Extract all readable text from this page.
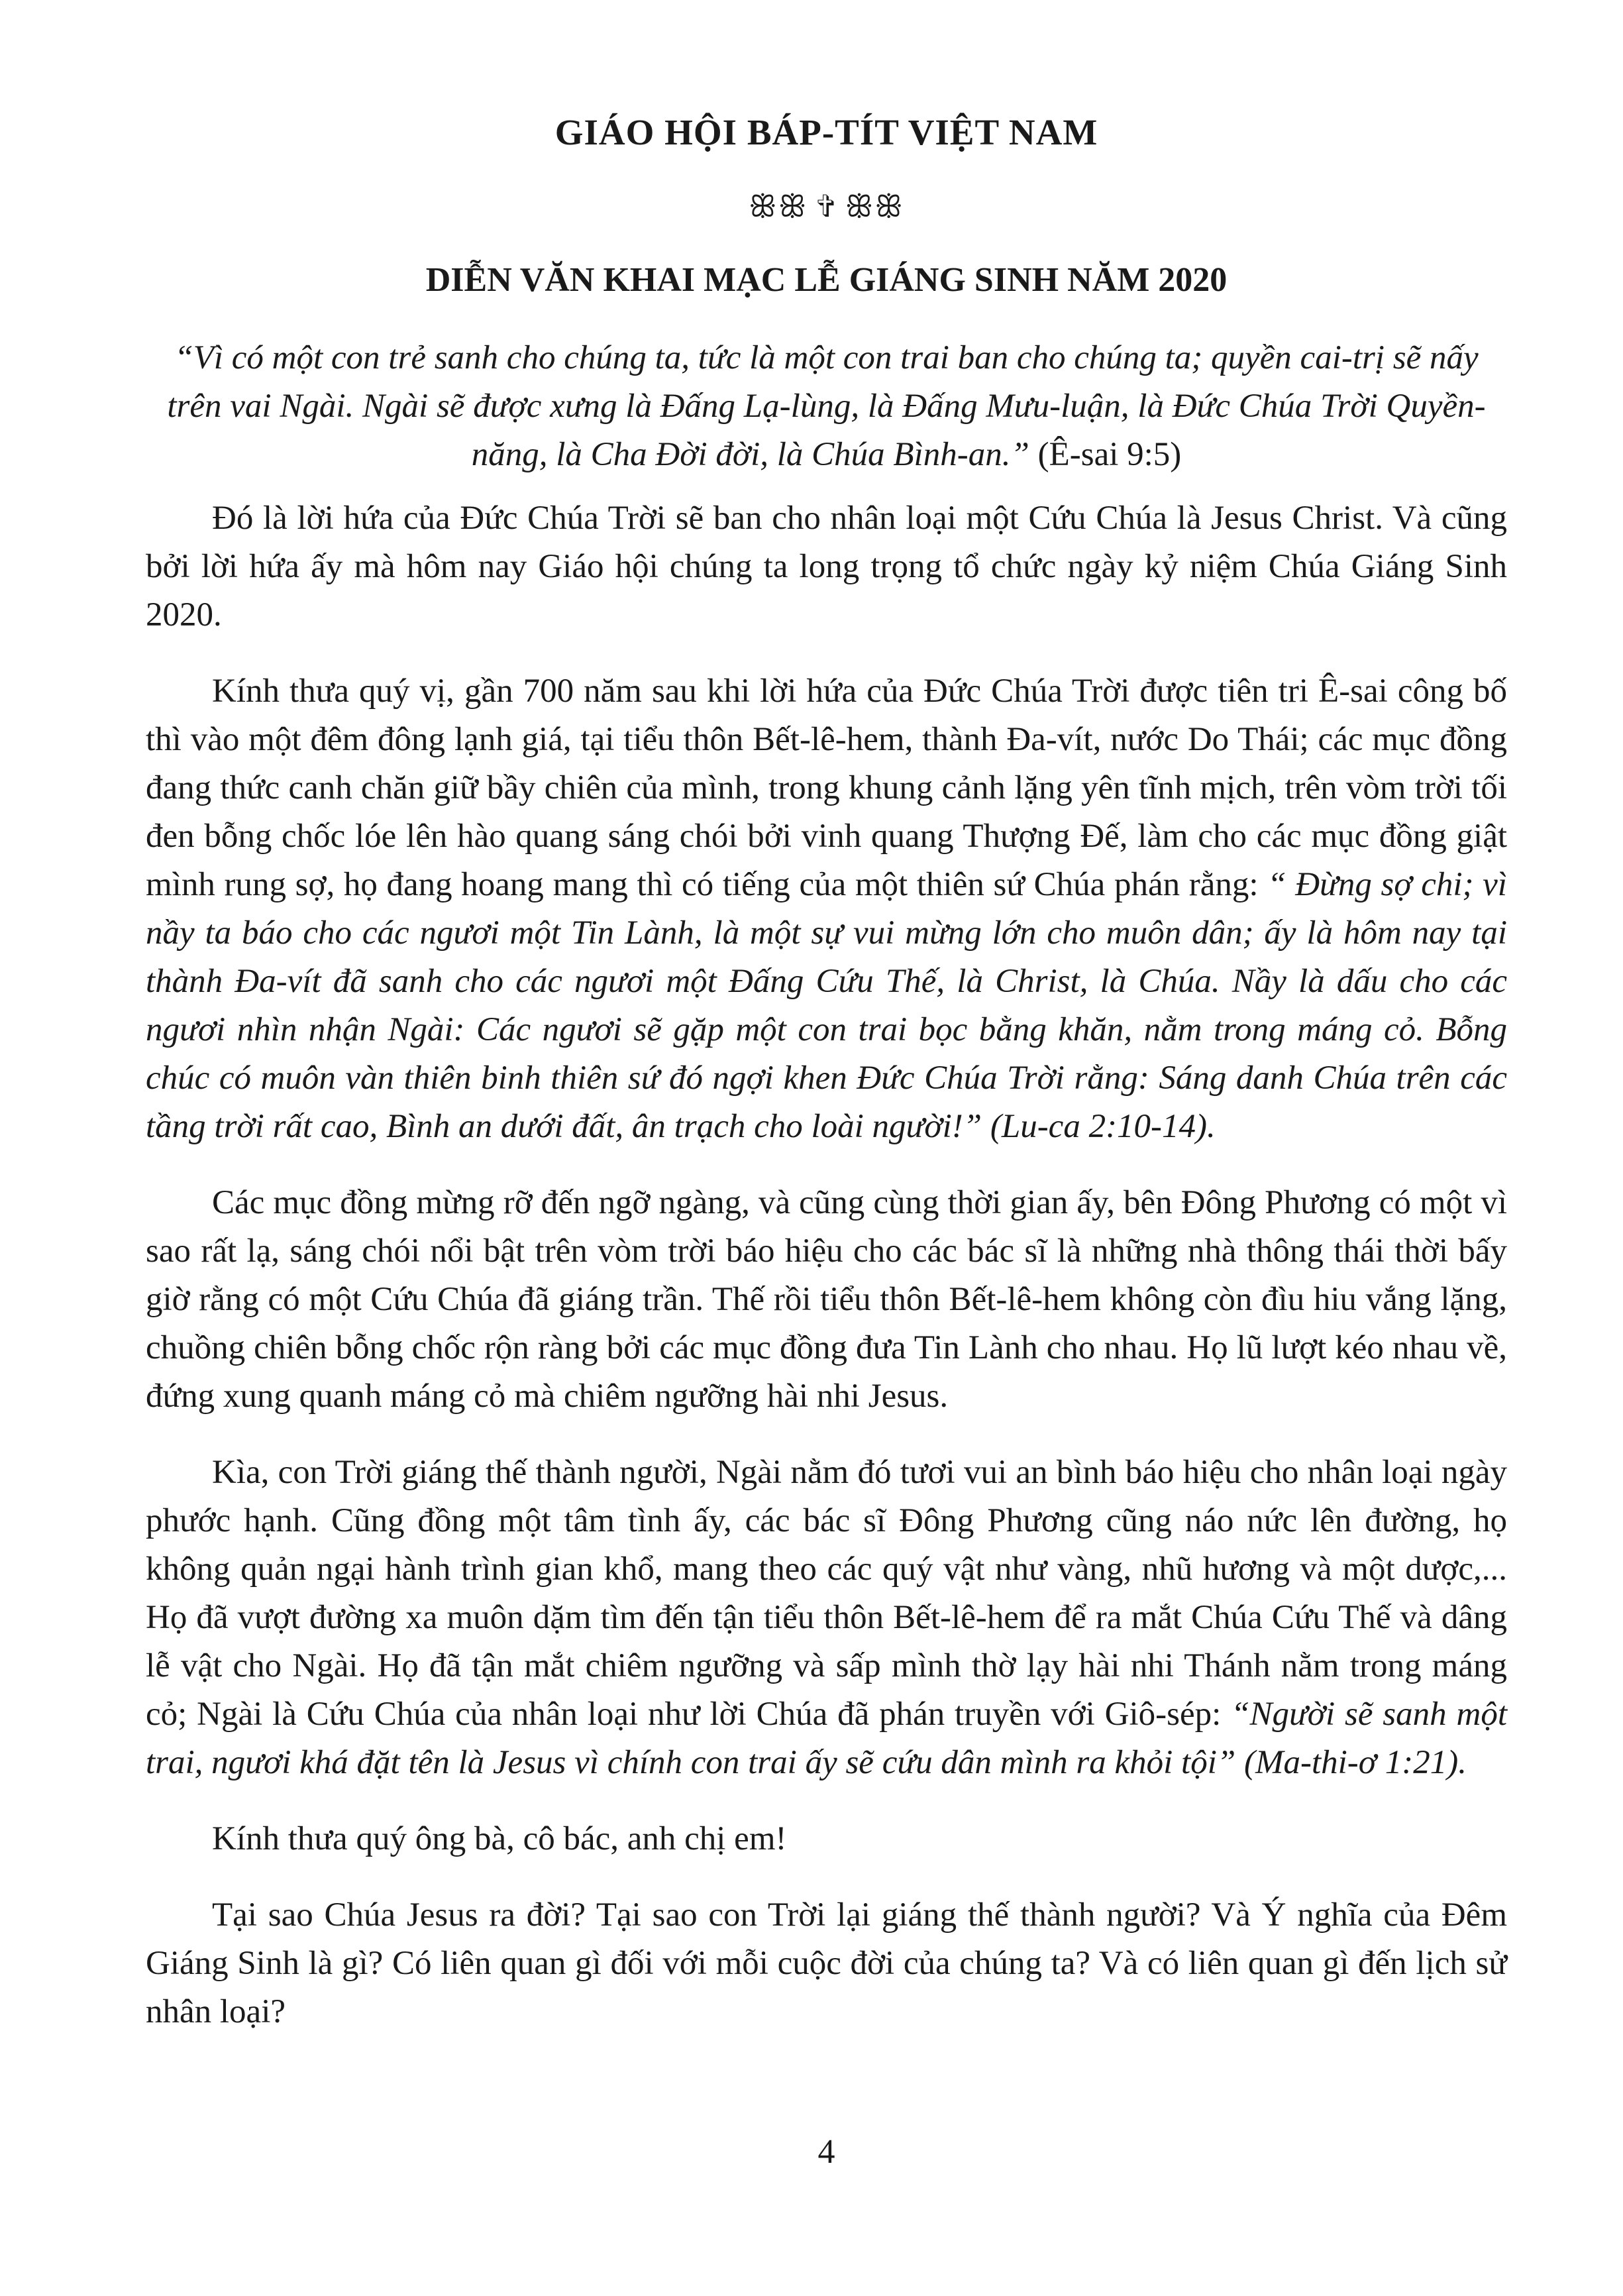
GIÁO HỘI BÁP-TÍT VIỆT NAM
ꕥꕥ ✞ ꕥꕥ
DIỄN VĂN KHAI MẠC LỄ GIÁNG SINH NĂM 2020
“Vì có một con trẻ sanh cho chúng ta, tức là một con trai ban cho chúng ta; quyền cai-trị sẽ nấy trên vai Ngài. Ngài sẽ được xưng là Đấng Lạ-lùng, là Đấng Mưu-luận, là Đức Chúa Trời Quyền-năng, là Cha Đời đời, là Chúa Bình-an.” (Ê-sai 9:5)

Đó là lời hứa của Đức Chúa Trời sẽ ban cho nhân loại một Cứu Chúa là Jesus Christ. Và cũng bởi lời hứa ấy mà hôm nay Giáo hội chúng ta long trọng tổ chức ngày kỷ niệm Chúa Giáng Sinh 2020.

Kính thưa quý vị, gần 700 năm sau khi lời hứa của Đức Chúa Trời được tiên tri Ê-sai công bố thì vào một đêm đông lạnh giá, tại tiểu thôn Bết-lê-hem, thành Đa-vít, nước Do Thái; các mục đồng đang thức canh chăn giữ bầy chiên của mình, trong khung cảnh lặng yên tĩnh mịch, trên vòm trời tối đen bỗng chốc lóe lên hào quang sáng chói bởi vinh quang Thượng Đế, làm cho các mục đồng giật mình rung sợ, họ đang hoang mang thì có tiếng của một thiên sứ Chúa phán rằng: “ Đừng sợ chi; vì nầy ta báo cho các ngươi một Tin Lành, là một sự vui mừng lớn cho muôn dân; ấy là hôm nay tại thành Đa-vít đã sanh cho các ngươi một Đấng Cứu Thế, là Christ, là Chúa. Nầy là dấu cho các ngươi nhìn nhận Ngài: Các ngươi sẽ gặp một con trai bọc bằng khăn, nằm trong máng cỏ. Bỗng chúc có muôn vàn thiên binh thiên sứ đó ngợi khen Đức Chúa Trời rằng: Sáng danh Chúa trên các tầng trời rất cao, Bình an dưới đất, ân trạch cho loài người!” (Lu-ca 2:10-14).

Các mục đồng mừng rỡ đến ngỡ ngàng, và cũng cùng thời gian ấy, bên Đông Phương có một vì sao rất lạ, sáng chói nổi bật trên vòm trời báo hiệu cho các bác sĩ là những nhà thông thái thời bấy giờ rằng có một Cứu Chúa đã giáng trần. Thế rồi tiểu thôn Bết-lê-hem không còn đìu hiu vắng lặng, chuồng chiên bỗng chốc rộn ràng bởi các mục đồng đưa Tin Lành cho nhau. Họ lũ lượt kéo nhau về, đứng xung quanh máng cỏ mà chiêm ngưỡng hài nhi Jesus.

Kìa, con Trời giáng thế thành người, Ngài nằm đó tươi vui an bình báo hiệu cho nhân loại ngày phước hạnh. Cũng đồng một tâm tình ấy, các bác sĩ Đông Phương cũng náo nức lên đường, họ không quản ngại hành trình gian khổ, mang theo các quý vật như vàng, nhũ hương và một dược,... Họ đã vượt đường xa muôn dặm tìm đến tận tiểu thôn Bết-lê-hem để ra mắt Chúa Cứu Thế và dâng lễ vật cho Ngài. Họ đã tận mắt chiêm ngưỡng và sấp mình thờ lạy hài nhi Thánh nằm trong máng cỏ; Ngài là Cứu Chúa của nhân loại như lời Chúa đã phán truyền với Giô-sép: “Người sẽ sanh một trai, ngươi khá đặt tên là Jesus vì chính con trai ấy sẽ cứu dân mình ra khỏi tội” (Ma-thi-ơ 1:21).

Kính thưa quý ông bà, cô bác, anh chị em!

Tại sao Chúa Jesus ra đời? Tại sao con Trời lại giáng thế thành người? Và Ý nghĩa của Đêm Giáng Sinh là gì? Có liên quan gì đối với mỗi cuộc đời của chúng ta? Và có liên quan gì đến lịch sử nhân loại?

4
